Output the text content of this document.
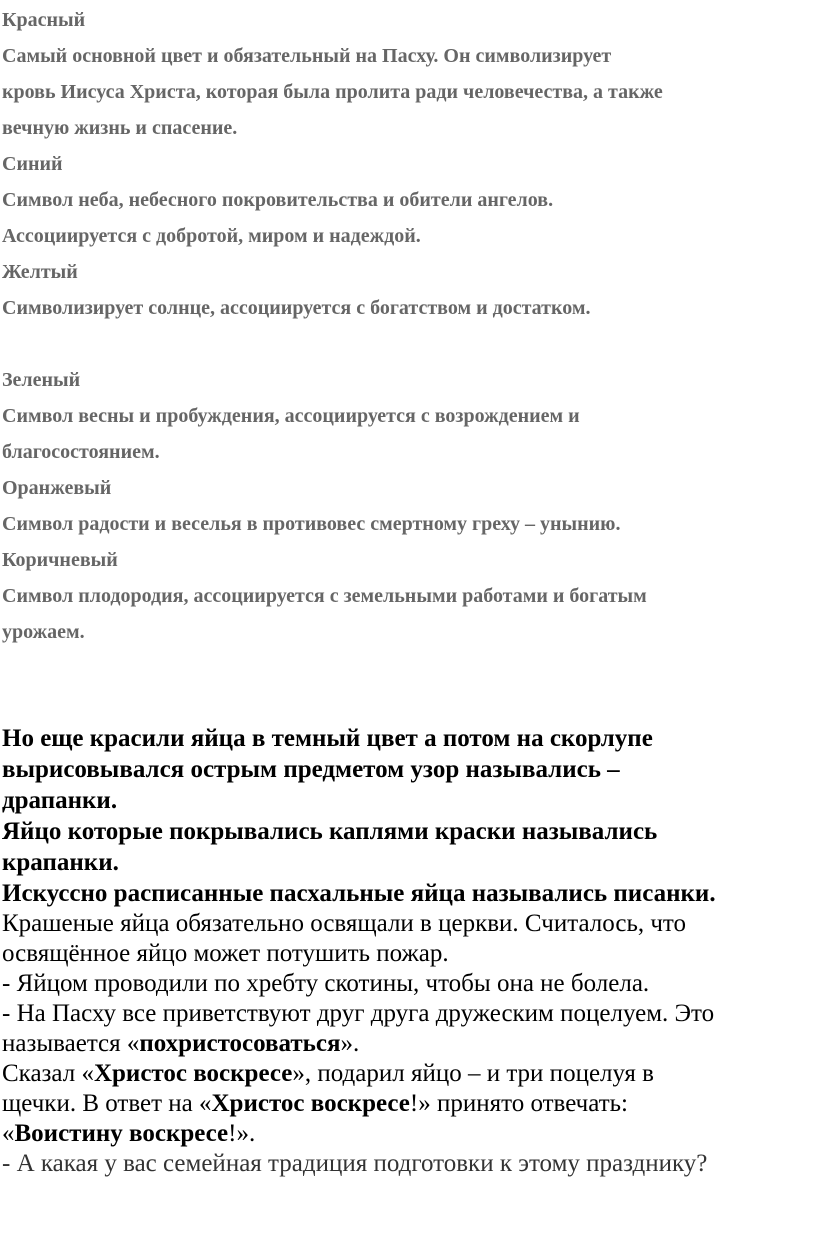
Красный
Самый основной цвет и обязательный на Пасху. Он символизирует
кровь Иисуса Христа, которая была пролита ради человечества, а также
вечную жизнь и спасение.
Синий
Символ неба, небесного покровительства и обители ангелов.
Ассоциируется с добротой, миром и надеждой.
Желтый
Символизирует солнце, ассоциируется с богатством и достатком.
Зеленый
Символ весны и пробуждения, ассоциируется с возрождением и
благосостоянием.
Оранжевый
Символ радости и веселья в противовес смертному греху – унынию.
Коричневый
Символ плодородия, ассоциируется с земельными работами и богатым
урожаем.
Но еще красили яйца в темный цвет а потом на скорлупе
вырисовывался острым предметом узор назывались –
драпанки.
Яйцо которые покрывались каплями краски назывались
крапанки.
Искуссно расписанные пасхальные яйца назывались писанки.
Крашеные яйца обязательно освящали в церкви. Считалось, что
освящённое яйцо может потушить пожар.
- Яйцом проводили по хребту скотины, чтобы она не болела.
- На Пасху все приветствуют друг друга дружеским поцелуем. Это
называется «похристосоваться».
Сказал «Христос воскресе», подарил яйцо – и три поцелуя в
щечки. В ответ на «Христос воскресе!» принято отвечать:
«Воистину воскресе!».
- А какая у вас семейная традиция подготовки к этому празднику?
